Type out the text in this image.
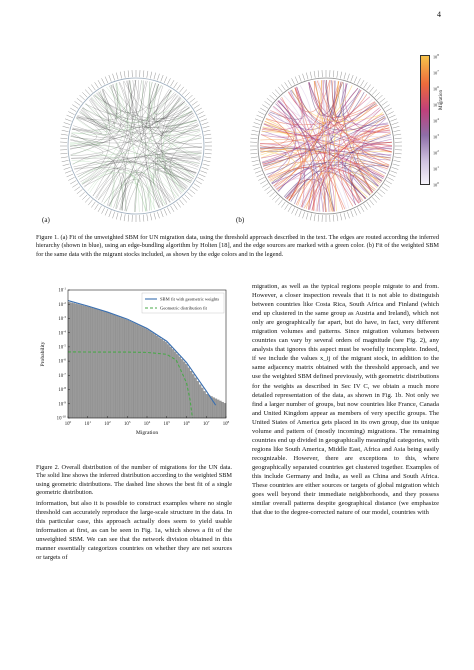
4
(a)	(b)
$10^8$
$10^7$
$10^6$
$10^5$
$10^4$
$10^3$
$10^2$
$10^1$
$10^0$
Migration
Figure 1. (a) Fit of the unweighted SBM for UN migration data, using the threshold approach described in the text. The edges are routed according the inferred hierarchy (shown in blue), using an edge-bundling algorithm by Holten [18], and the edge sources are marked with a green color. (b) Fit of the weighted SBM for the same data with the migrant stocks included, as shown by the edge colors and in the legend.
$10^0$	$10^1$	$10^2$	$10^3$	$10^4$	$10^5$	$10^6$	$10^7$	$10^8$
$10^{-1}$
$10^{-2}$
$10^{-3}$
$10^{-4}$
$10^{-5}$
$10^{-6}$
$10^{-7}$
$10^{-8}$
$10^{-9}$
$10^{-10}$
Migration
Probability
SBM fit with geometric weights
Geometric distribution fit
Figure 2. Overall distribution of the number of migrations for the UN data. The solid line shows the inferred distribution according to the weighted SBM using geometric distributions. The dashed line shows the best fit of a single geometric distribution.
information, but also it is possible to construct examples where no single threshold can accurately reproduce the large-scale structure in the data. In this particular case, this approach actually does seem to yield usable information at first, as can be seen in Fig. 1a, which shows a fit of the unweighted SBM. We can see that the network division obtained in this manner essentially categorizes countries on whether they are net sources or targets of
migration, as well as the typical regions people migrate to and from. However, a closer inspection reveals that it is not able to distinguish between countries like Costa Rica, South Africa and Finland (which end up clustered in the same group as Austria and Ireland), which not only are geographically far apart, but do have, in fact, very different migration volumes and patterns. Since migration volumes between countries can vary by several orders of magnitude (see Fig. 2), any analysis that ignores this aspect must be woefully incomplete. Indeed, if we include the values x_ij of the migrant stock, in addition to the same adjacency matrix obtained with the threshold approach, and we use the weighted SBM defined previously, with geometric distributions for the weights as described in Sec IV C, we obtain a much more detailed representation of the data, as shown in Fig. 1b. Not only we find a larger number of groups, but now countries like France, Canada and United Kingdom appear as members of very specific groups. The United States of America gets placed in its own group, due its unique volume and pattern of (mostly incoming) migrations. The remaining countries end up divided in geographically meaningful categories, with regions like South America, Middle East, Africa and Asia being easily recognizable. However, there are exceptions to this, where geographically separated countries get clustered together. Examples of this include Germany and India, as well as China and South Africa. These countries are either sources or targets of global migration which goes well beyond their immediate neighborhoods, and they possess similar overall patterns despite geographical distance (we emphasize that due to the degree-corrected nature of our model, countries with
